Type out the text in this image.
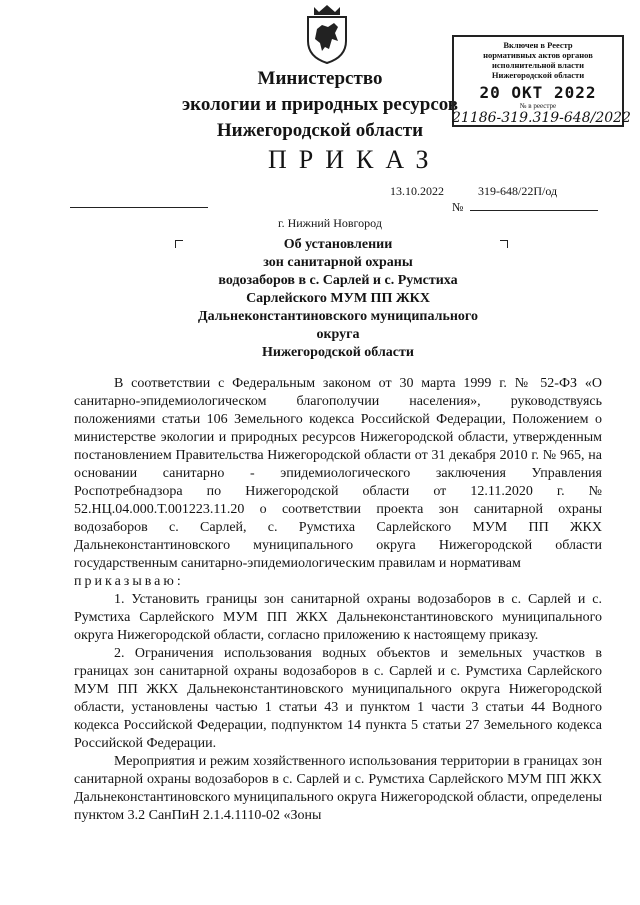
Министерство
экологии и природных ресурсов
Нижегородской области
Включен в Реестр
нормативных актов органов
исполнительной власти
Нижегородской области
20 ОКТ 2022
№ в реестре
21186-319.319-648/2022
ПРИКАЗ
13.10.2022	319-648/22П/од
№
г. Нижний Новгород
Об установлении
зон санитарной охраны
водозаборов в с. Сарлей и с. Румстиха
Сарлейского МУМ ПП ЖКХ
Дальнеконстантиновского муниципального
округа
Нижегородской области

В соответствии с Федеральным законом от 30 марта 1999 г. № 52-ФЗ «О санитарно-эпидемиологическом благополучии населения», руководствуясь положениями статьи 106 Земельного кодекса Российской Федерации, Положением о министерстве экологии и природных ресурсов Нижегородской области, утвержденным постановлением Правительства Нижегородской области от 31 декабря 2010 г. № 965, на основании санитарно - эпидемиологического заключения Управления Роспотребнадзора по Нижегородской области от 12.11.2020 г. № 52.НЦ.04.000.Т.001223.11.20 о соответствии проекта зон санитарной охраны водозаборов с. Сарлей, с. Румстиха Сарлейского МУМ ПП ЖКХ Дальнеконстантиновского муниципального округа Нижегородской области государственным санитарно-эпидемиологическим правилам и нормативам

приказываю:

1. Установить границы зон санитарной охраны водозаборов в с. Сарлей и с. Румстиха Сарлейского МУМ ПП ЖКХ Дальнеконстантиновского муниципального округа Нижегородской области, согласно приложению к настоящему приказу.

2. Ограничения использования водных объектов и земельных участков в границах зон санитарной охраны водозаборов в с. Сарлей и с. Румстиха Сарлейского МУМ ПП ЖКХ Дальнеконстантиновского муниципального округа Нижегородской области, установлены частью 1 статьи 43 и пунктом 1 части 3 статьи 44 Водного кодекса Российской Федерации, подпунктом 14 пункта 5 статьи 27 Земельного кодекса Российской Федерации.

Мероприятия и режим хозяйственного использования территории в границах зон санитарной охраны водозаборов в с. Сарлей и с. Румстиха Сарлейского МУМ ПП ЖКХ Дальнеконстантиновского муниципального округа Нижегородской области, определены пунктом 3.2 СанПиН 2.1.4.1110-02 «Зоны
